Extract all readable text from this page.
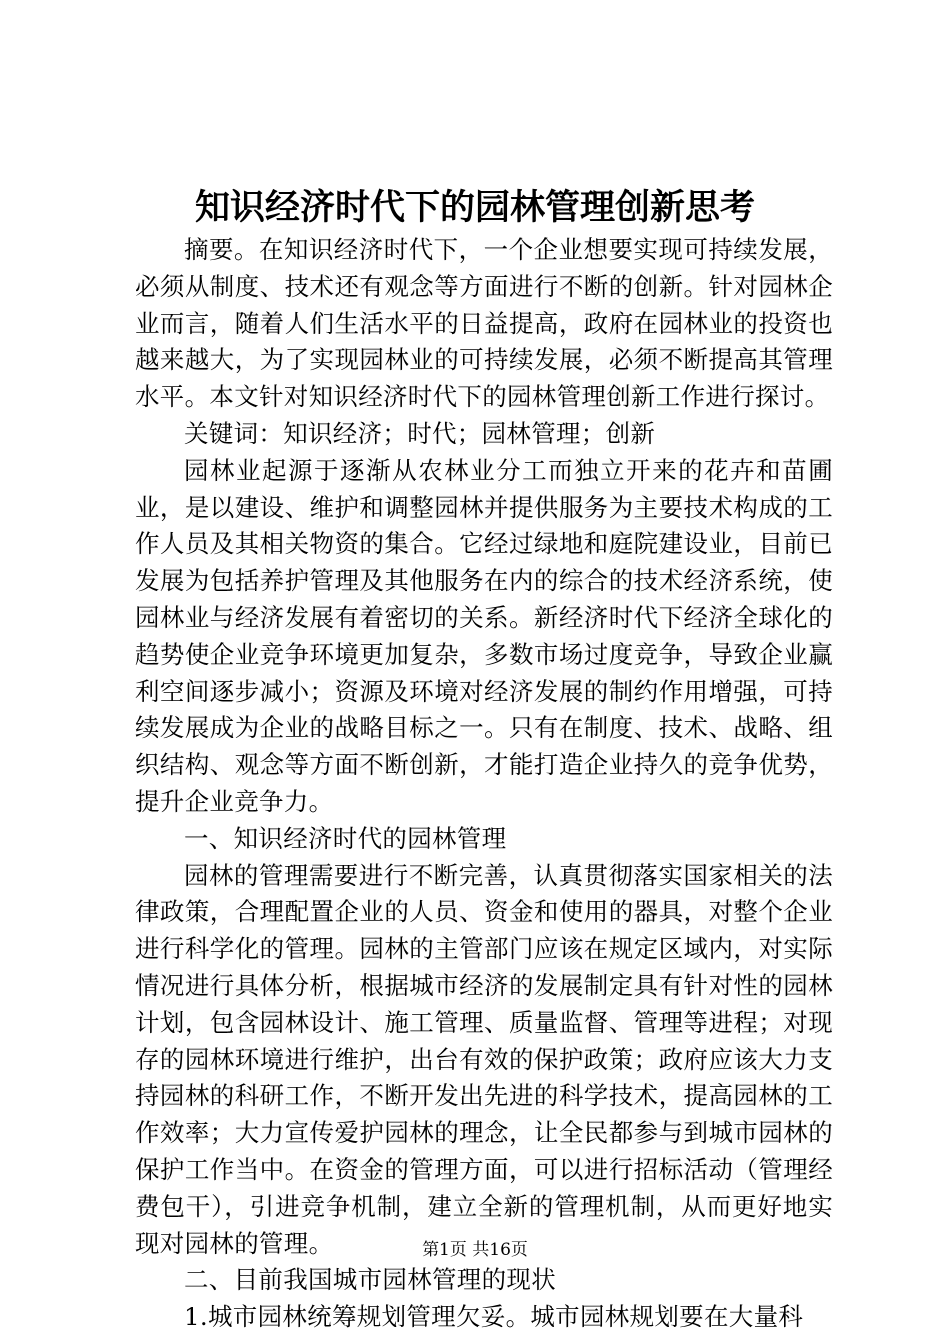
知识经济时代下的园林管理创新思考

摘要。在知识经济时代下，一个企业想要实现可持续发展，必须从制度、技术还有观念等方面进行不断的创新。针对园林企业而言，随着人们生活水平的日益提高，政府在园林业的投资也越来越大，为了实现园林业的可持续发展，必须不断提高其管理水平。本文针对知识经济时代下的园林管理创新工作进行探讨。

关键词：知识经济；时代；园林管理；创新

园林业起源于逐渐从农林业分工而独立开来的花卉和苗圃业，是以建设、维护和调整园林并提供服务为主要技术构成的工作人员及其相关物资的集合。它经过绿地和庭院建设业，目前已发展为包括养护管理及其他服务在内的综合的技术经济系统，使园林业与经济发展有着密切的关系。新经济时代下经济全球化的趋势使企业竞争环境更加复杂，多数市场过度竞争，导致企业赢利空间逐步减小；资源及环境对经济发展的制约作用增强，可持续发展成为企业的战略目标之一。只有在制度、技术、战略、组织结构、观念等方面不断创新，才能打造企业持久的竞争优势，提升企业竞争力。

一、知识经济时代的园林管理

园林的管理需要进行不断完善，认真贯彻落实国家相关的法律政策，合理配置企业的人员、资金和使用的器具，对整个企业进行科学化的管理。园林的主管部门应该在规定区域内，对实际情况进行具体分析，根据城市经济的发展制定具有针对性的园林计划，包含园林设计、施工管理、质量监督、管理等进程；对现存的园林环境进行维护，出台有效的保护政策；政府应该大力支持园林的科研工作，不断开发出先进的科学技术，提高园林的工作效率；大力宣传爱护园林的理念，让全民都参与到城市园林的保护工作当中。在资金的管理方面，可以进行招标活动（管理经费包干），引进竞争机制，建立全新的管理机制，从而更好地实现对园林的管理。

二、目前我国城市园林管理的现状

1.城市园林统筹规划管理欠妥。城市园林规划要在大量科

第1页 共16页
